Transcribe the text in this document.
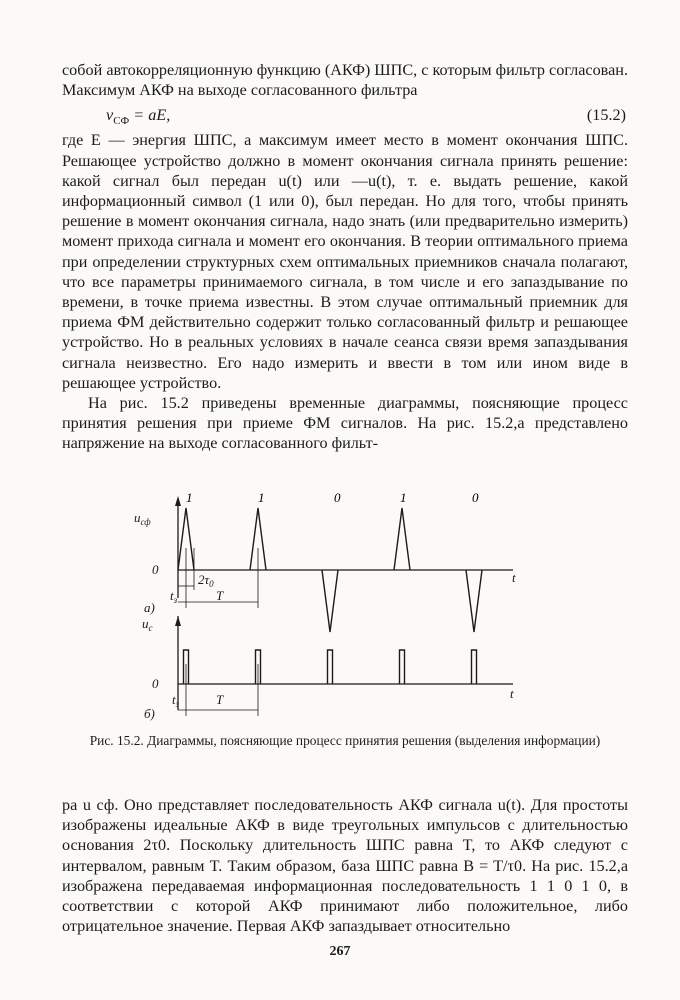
собой автокорреляционную функцию (АКФ) ШПС, с которым фильтр согласован. Максимум АКФ на выходе согласованного фильтра

$v_{СФ}$ = aE,	(15.2)

где E — энергия ШПС, а максимум имеет место в момент окончания ШПС. Решающее устройство должно в момент окончания сигнала принять решение: какой сигнал был передан u(t) или —u(t), т. е. выдать решение, какой информационный символ (1 или 0), был передан. Но для того, чтобы принять решение в момент окончания сигнала, надо знать (или предварительно измерить) момент прихода сигнала и момент его окончания. В теории оптимального приема при определении структурных схем оптимальных приемников сначала полагают, что все параметры принимаемого сигнала, в том числе и его запаздывание по времени, в точке приема известны. В этом случае оптимальный приемник для приема ФМ действительно содержит только согласованный фильтр и решающее устройство. Но в реальных условиях в начале сеанса связи время запаздывания сигнала неизвестно. Его надо измерить и ввести в том или ином виде в решающее устройство.

На рис. 15.2 приведены временные диаграммы, поясняющие процесс принятия решения при приеме ФМ сигналов. На рис. 15.2,а представлено напряжение на выходе согласованного фильт-

1	1	0	1	0
$u_{сф}$
0
t
$2\tau_0$
$t_з$	T
а)
$u_с$
0
t
$t_з$	T
б)
Рис. 15.2. Диаграммы, поясняющие процесс принятия решения (выделения информации)

ра u сф. Оно представляет последовательность АКФ сигнала u(t). Для простоты изображены идеальные АКФ в виде треугольных импульсов с длительностью основания 2τ0. Поскольку длительность ШПС равна T, то АКФ следуют с интервалом, равным T. Таким образом, база ШПС равна B = T/τ0. На рис. 15.2,а изображена передаваемая информационная последовательность 1 1 0 1 0, в соответствии с которой АКФ принимают либо положительное, либо отрицательное значение. Первая АКФ запаздывает относительно

267
